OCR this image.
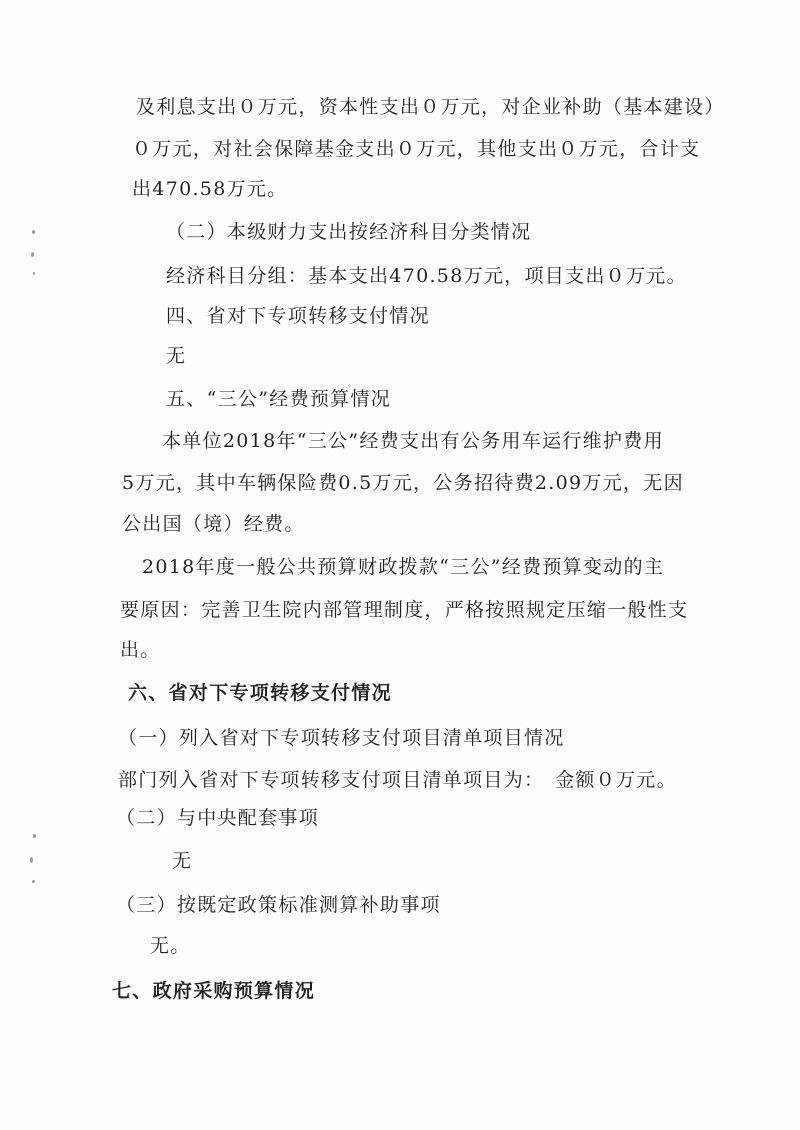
及利息支出０万元，资本性支出０万元，对企业补助（基本建设）
０万元，对社会保障基金支出０万元，其他支出０万元，合计支
出470.58万元。
（二）本级财力支出按经济科目分类情况
经济科目分组：基本支出470.58万元，项目支出０万元。
四、省对下专项转移支付情况
无
五、“三公”经费预算情况
本单位2018年“三公”经费支出有公务用车运行维护费用
5万元，其中车辆保险费0.5万元，公务招待费2.09万元，无因
公出国（境）经费。
2018年度一般公共预算财政拨款“三公”经费预算变动的主
要原因：完善卫生院内部管理制度，严格按照规定压缩一般性支
出。
六、省对下专项转移支付情况
（一）列入省对下专项转移支付项目清单项目情况
部门列入省对下专项转移支付项目清单项目为：　金额０万元。
（二）与中央配套事项
无
（三）按既定政策标准测算补助事项
无。
七、政府采购预算情况
